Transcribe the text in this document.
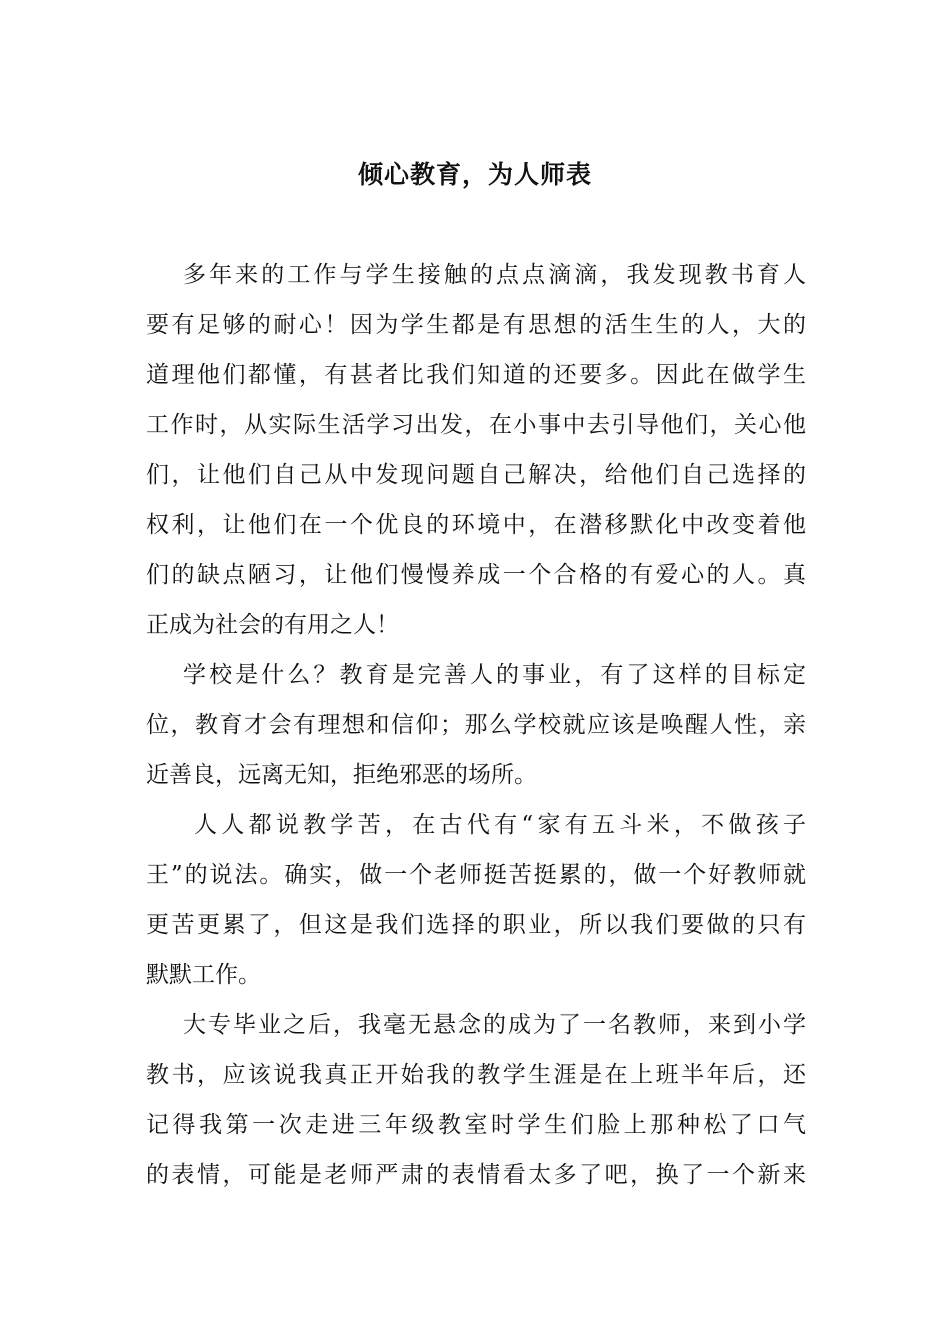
倾心教育，为人师表
多年来的工作与学生接触的点点滴滴，我发现教书育人
要有足够的耐心！因为学生都是有思想的活生生的人，大的
道理他们都懂，有甚者比我们知道的还要多。因此在做学生
工作时，从实际生活学习出发，在小事中去引导他们，关心他
们，让他们自己从中发现问题自己解决，给他们自己选择的
权利，让他们在一个优良的环境中，在潜移默化中改变着他
们的缺点陋习，让他们慢慢养成一个合格的有爱心的人。真
正成为社会的有用之人！
学校是什么？教育是完善人的事业，有了这样的目标定
位，教育才会有理想和信仰；那么学校就应该是唤醒人性，亲
近善良，远离无知，拒绝邪恶的场所。
人人都说教学苦，在古代有“家有五斗米，不做孩子
王”的说法。确实，做一个老师挺苦挺累的，做一个好教师就
更苦更累了，但这是我们选择的职业，所以我们要做的只有
默默工作。
大专毕业之后，我毫无悬念的成为了一名教师，来到小学
教书，应该说我真正开始我的教学生涯是在上班半年后，还
记得我第一次走进三年级教室时学生们脸上那种松了口气
的表情，可能是老师严肃的表情看太多了吧，换了一个新来
